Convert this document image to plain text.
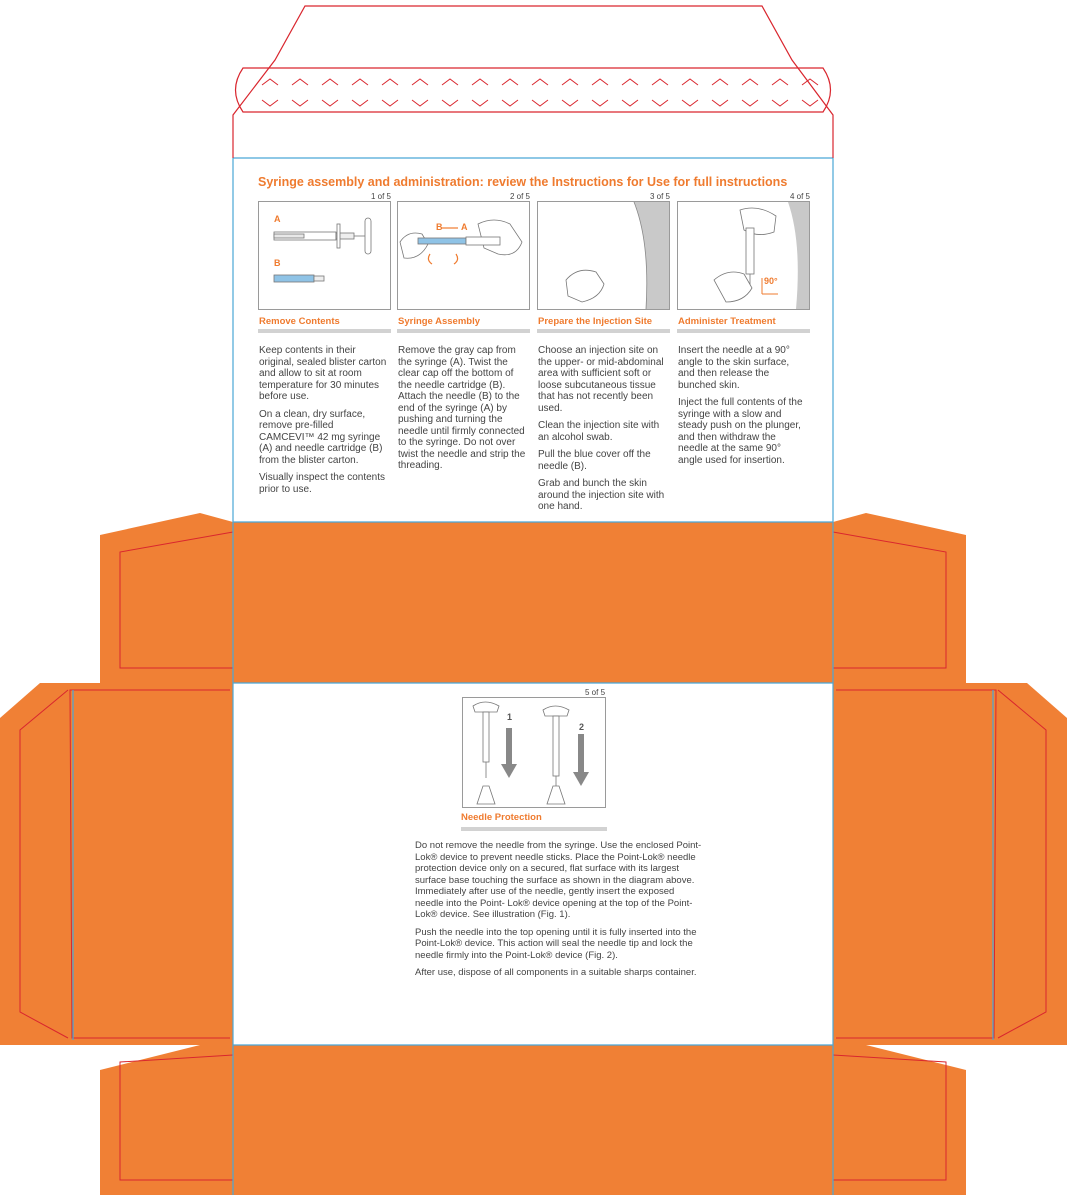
Syringe assembly and administration: review the Instructions for Use for full instructions
1 of 5
A
B
Remove Contents

Keep contents in their original, sealed blister carton and allow to sit at room temperature for 30 minutes before use.

On a clean, dry surface, remove pre-filled CAMCEVI™ 42 mg syringe (A) and needle cartridge (B) from the blister carton.

Visually inspect the contents prior to use.

2 of 5
B A
Syringe Assembly

Remove the gray cap from the syringe (A). Twist the clear cap off the bottom of the needle cartridge (B). Attach the needle (B) to the end of the syringe (A) by pushing and turning the needle until firmly connected to the syringe. Do not over twist the needle and strip the threading.

3 of 5
Prepare the Injection Site

Choose an injection site on the upper- or mid-abdominal area with sufficient soft or loose subcutaneous tissue that has not recently been used.

Clean the injection site with an alcohol swab.

Pull the blue cover off the needle (B).

Grab and bunch the skin around the injection site with one hand.

4 of 5
90°
Administer Treatment

Insert the needle at a 90° angle to the skin surface, and then release the bunched skin.

Inject the full contents of the syringe with a slow and steady push on the plunger, and then withdraw the needle at the same 90° angle used for insertion.

5 of 5
1
2
Needle Protection

Do not remove the needle from the syringe. Use the enclosed Point-Lok® device to prevent needle sticks. Place the Point-Lok® needle protection device only on a secured, flat surface with its largest surface base touching the surface as shown in the diagram above. Immediately after use of the needle, gently insert the exposed needle into the Point- Lok® device opening at the top of the Point-Lok® device. See illustration (Fig. 1).

Push the needle into the top opening until it is fully inserted into the Point-Lok® device. This action will seal the needle tip and lock the needle firmly into the Point-Lok® device (Fig. 2).

After use, dispose of all components in a suitable sharps container.
